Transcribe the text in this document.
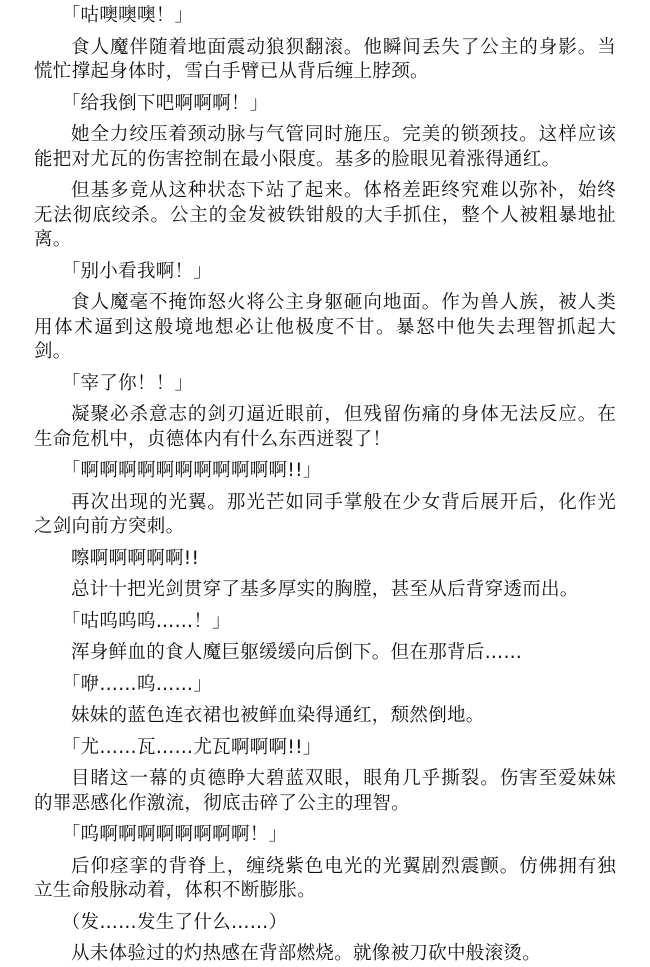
「咕噢噢噢！」

食人魔伴随着地面震动狼狈翻滚。他瞬间丢失了公主的身影。当慌忙撑起身体时，雪白手臂已从背后缠上脖颈。

「给我倒下吧啊啊啊！」

她全力绞压着颈动脉与气管同时施压。完美的锁颈技。这样应该能把对尤瓦的伤害控制在最小限度。基多的脸眼见着涨得通红。

但基多竟从这种状态下站了起来。体格差距终究难以弥补，始终无法彻底绞杀。公主的金发被铁钳般的大手抓住，整个人被粗暴地扯离。

「别小看我啊！」

食人魔毫不掩饰怒火将公主身躯砸向地面。作为兽人族，被人类用体术逼到这般境地想必让他极度不甘。暴怒中他失去理智抓起大剑。

「宰了你！！」

凝聚必杀意志的剑刃逼近眼前，但残留伤痛的身体无法反应。在生命危机中，贞德体内有什么东西迸裂了！

「啊啊啊啊啊啊啊啊啊啊啊!!」

再次出现的光翼。那光芒如同手掌般在少女背后展开后，化作光之剑向前方突刺。

嚓啊啊啊啊啊!!

总计十把光剑贯穿了基多厚实的胸膛，甚至从后背穿透而出。

「咕呜呜呜……！」

浑身鲜血的食人魔巨躯缓缓向后倒下。但在那背后……

「咿……呜……」

妹妹的蓝色连衣裙也被鲜血染得通红，颓然倒地。

「尤……瓦……尤瓦啊啊啊!!」

目睹这一幕的贞德睁大碧蓝双眼，眼角几乎撕裂。伤害至爱妹妹的罪恶感化作激流，彻底击碎了公主的理智。

「呜啊啊啊啊啊啊啊啊！」

后仰痉挛的背脊上，缠绕紫色电光的光翼剧烈震颤。仿佛拥有独立生命般脉动着，体积不断膨胀。

（发……发生了什么……）

从未体验过的灼热感在背部燃烧。就像被刀砍中般滚烫。
